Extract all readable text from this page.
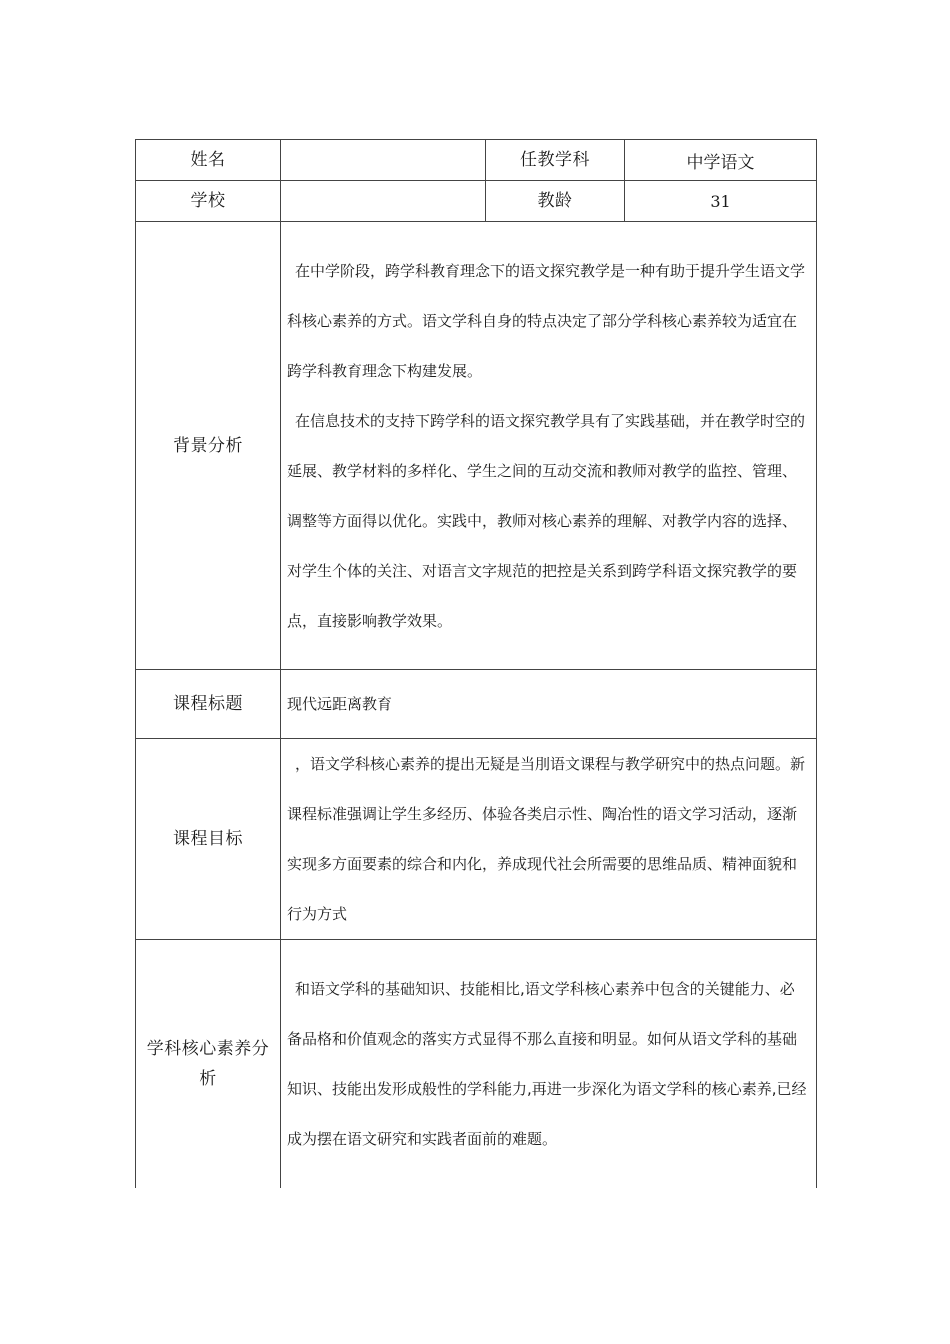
姓名		任教学科	中学语文
学校		教龄	31
背景分析	在中学阶段，跨学科教育理念下的语文探究教学是一种有助于提升学生语文学科核心素养的方式。语文学科自身的特点决定了部分学科核心素养较为适宜在跨学科教育理念下构建发展。

在信息技术的支持下跨学科的语文探究教学具有了实践基础，并在教学时空的延展、教学材料的多样化、学生之间的互动交流和教师对教学的监控、管理、调整等方面得以优化。实践中，教师对核心素养的理解、对教学内容的选择、对学生个体的关注、对语言文字规范的把控是关系到跨学科语文探究教学的要点，直接影响教学效果。		

课程标题	现代远距离教育		
课程目标	，语文学科核心素养的提出无疑是当刖语文课程与教学研究中的热点问题。新课程标准强调让学生多经历、体验各类启示性、陶冶性的语文学习活动，逐渐实现多方面要素的综合和内化，养成现代社会所需要的思维品质、精神面貌和行为方式		

学科核心素养分析	和语文学科的基础知识、技能相比,语文学科核心素养中包含的关键能力、必备品格和价值观念的落实方式显得不那么直接和明显。如何从语文学科的基础知识、技能出发形成般性的学科能力,再进一步深化为语文学科的核心素养,已经成为摆在语文研究和实践者面前的难题。		
